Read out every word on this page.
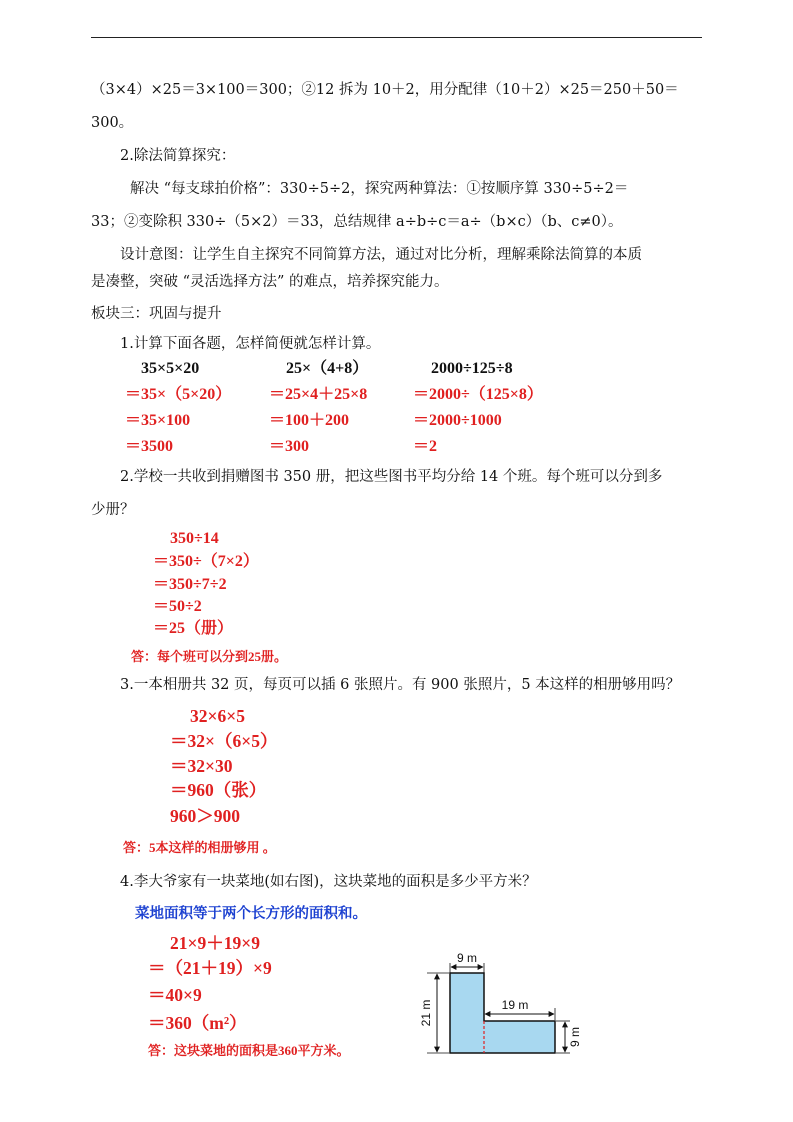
（3×4）×25＝3×100＝300；②12 拆为 10＋2，用分配律（10＋2）×25＝250＋50＝
300。
2.除法简算探究：
解决 “每支球拍价格”：330÷5÷2，探究两种算法：①按顺序算 330÷5÷2＝
33；②变除积 330÷（5×2）＝33，总结规律 a÷b÷c＝a÷（b×c）（b、c≠0）。
设计意图：让学生自主探究不同简算方法，通过对比分析，理解乘除法简算的本质
是凑整，突破 “灵活选择方法” 的难点，培养探究能力。
板块三：巩固与提升
1.计算下面各题，怎样简便就怎样计算。
35×5×20
＝35×（5×20）
＝35×100
＝3500
25×（4+8）
＝25×4＋25×8
＝100＋200
＝300
2000÷125÷8
＝2000÷（125×8）
＝2000÷1000
＝2
2.学校一共收到捐赠图书 350 册，把这些图书平均分给 14 个班。每个班可以分到多
少册？
350÷14
＝350÷（7×2）
＝350÷7÷2
＝50÷2
＝25（册）
答：每个班可以分到25册。
3.一本相册共 32 页，每页可以插 6 张照片。有 900 张照片，5 本这样的相册够用吗？
32×6×5
＝32×（6×5）
＝32×30
＝960（张）
960＞900
答：5本这样的相册够用 。
4.李大爷家有一块菜地(如右图)，这块菜地的面积是多少平方米？
菜地面积等于两个长方形的面积和。
21×9＋19×9
＝（21＋19）×9
＝40×9
＝360（m²）
答：这块菜地的面积是360平方米。
9 m
19 m
21 m
9 m
